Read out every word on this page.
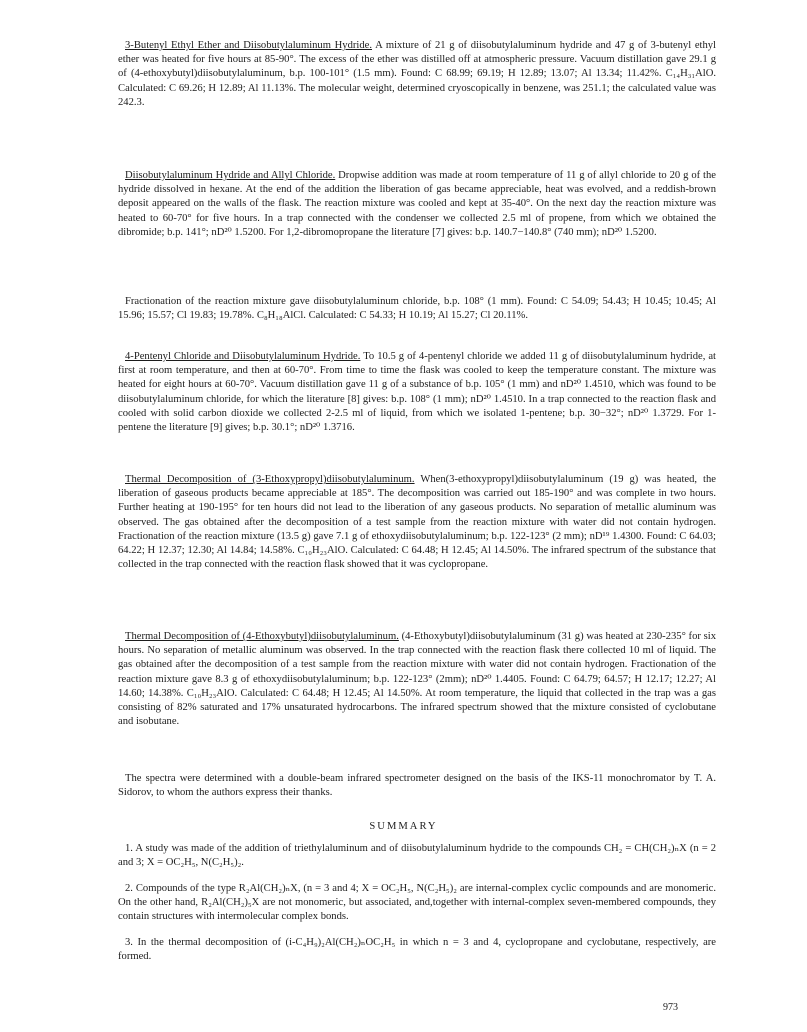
3-Butenyl Ethyl Ether and Diisobutylaluminum Hydride. A mixture of 21 g of diisobutylaluminum hydride and 47 g of 3-butenyl ethyl ether was heated for five hours at 85-90°. The excess of the ether was distilled off at atmospheric pressure. Vacuum distillation gave 29.1 g of (4-ethoxybutyl)diisobutylaluminum, b.p. 100-101° (1.5 mm). Found: C 68.99; 69.19; H 12.89; 13.07; Al 13.34; 11.42%. C₁₄H₃₁AlO. Calculated: C 69.26; H 12.89; Al 11.13%. The molecular weight, determined cryoscopically in benzene, was 251.1; the calculated value was 242.3.

Diisobutylaluminum Hydride and Allyl Chloride. Dropwise addition was made at room temperature of 11 g of allyl chloride to 20 g of the hydride dissolved in hexane. At the end of the addition the liberation of gas became appreciable, heat was evolved, and a reddish-brown deposit appeared on the walls of the flask. The reaction mixture was cooled and kept at 35-40°. On the next day the reaction mixture was heated to 60-70° for five hours. In a trap connected with the condenser we collected 2.5 ml of propene, from which we obtained the dibromide; b.p. 141°; nD²⁰ 1.5200. For 1,2-dibromopropane the literature [7] gives: b.p. 140.7−140.8° (740 mm); nD²⁰ 1.5200.

Fractionation of the reaction mixture gave diisobutylaluminum chloride, b.p. 108° (1 mm). Found: C 54.09; 54.43; H 10.45; 10.45; Al 15.96; 15.57; Cl 19.83; 19.78%. C₈H₁₈AlCl. Calculated: C 54.33; H 10.19; Al 15.27; Cl 20.11%.

4-Pentenyl Chloride and Diisobutylaluminum Hydride. To 10.5 g of 4-pentenyl chloride we added 11 g of diisobutylaluminum hydride, at first at room temperature, and then at 60-70°. From time to time the flask was cooled to keep the temperature constant. The mixture was heated for eight hours at 60-70°. Vacuum distillation gave 11 g of a substance of b.p. 105° (1 mm) and nD²⁰ 1.4510, which was found to be diisobutylaluminum chloride, for which the literature [8] gives: b.p. 108° (1 mm); nD²⁰ 1.4510. In a trap connected to the reaction flask and cooled with solid carbon dioxide we collected 2-2.5 ml of liquid, from which we isolated 1-pentene; b.p. 30−32°; nD²⁰ 1.3729. For 1-pentene the literature [9] gives; b.p. 30.1°; nD²⁰ 1.3716.

Thermal Decomposition of (3-Ethoxypropyl)diisobutylaluminum. When(3-ethoxypropyl)diisobutylaluminum (19 g) was heated, the liberation of gaseous products became appreciable at 185°. The decomposition was carried out 185-190° and was complete in two hours. Further heating at 190-195° for ten hours did not lead to the liberation of any gaseous products. No separation of metallic aluminum was observed. The gas obtained after the decomposition of a test sample from the reaction mixture with water did not contain hydrogen. Fractionation of the reaction mixture (13.5 g) gave 7.1 g of ethoxydiisobutylaluminum; b.p. 122-123° (2 mm); nD¹⁹ 1.4300. Found: C 64.03; 64.22; H 12.37; 12.30; Al 14.84; 14.58%. C₁₀H₂₃AlO. Calculated: C 64.48; H 12.45; Al 14.50%. The infrared spectrum of the substance that collected in the trap connected with the reaction flask showed that it was cyclopropane.

Thermal Decomposition of (4-Ethoxybutyl)diisobutylaluminum. (4-Ethoxybutyl)diisobutylaluminum (31 g) was heated at 230-235° for six hours. No separation of metallic aluminum was observed. In the trap connected with the reaction flask there collected 10 ml of liquid. The gas obtained after the decomposition of a test sample from the reaction mixture with water did not contain hydrogen. Fractionation of the reaction mixture gave 8.3 g of ethoxydiisobutylaluminum; b.p. 122-123° (2mm); nD²⁰ 1.4405. Found: C 64.79; 64.57; H 12.17; 12.27; Al 14.60; 14.38%. C₁₀H₂₃AlO. Calculated: C 64.48; H 12.45; Al 14.50%. At room temperature, the liquid that collected in the trap was a gas consisting of 82% saturated and 17% unsaturated hydrocarbons. The infrared spectrum showed that the mixture consisted of cyclobutane and isobutane.

The spectra were determined with a double-beam infrared spectrometer designed on the basis of the IKS-11 monochromator by T. A. Sidorov, to whom the authors express their thanks.

SUMMARY

1. A study was made of the addition of triethylaluminum and of diisobutylaluminum hydride to the compounds CH₂ = CH(CH₂)ₙX (n = 2 and 3; X = OC₂H₅, N(C₂H₅)₂.

2. Compounds of the type R₂Al(CH₂)ₙX, (n = 3 and 4; X = OC₂H₅, N(C₂H₅)₂ are internal-complex cyclic compounds and are monomeric. On the other hand, R₂Al(CH₂)₅X are not monomeric, but associated, and,together with internal-complex seven-membered compounds, they contain structures with intermolecular complex bonds.

3. In the thermal decomposition of (i-C₄H₉)₂Al(CH₂)ₙOC₂H₅ in which n = 3 and 4, cyclopropane and cyclobutane, respectively, are formed.

973
